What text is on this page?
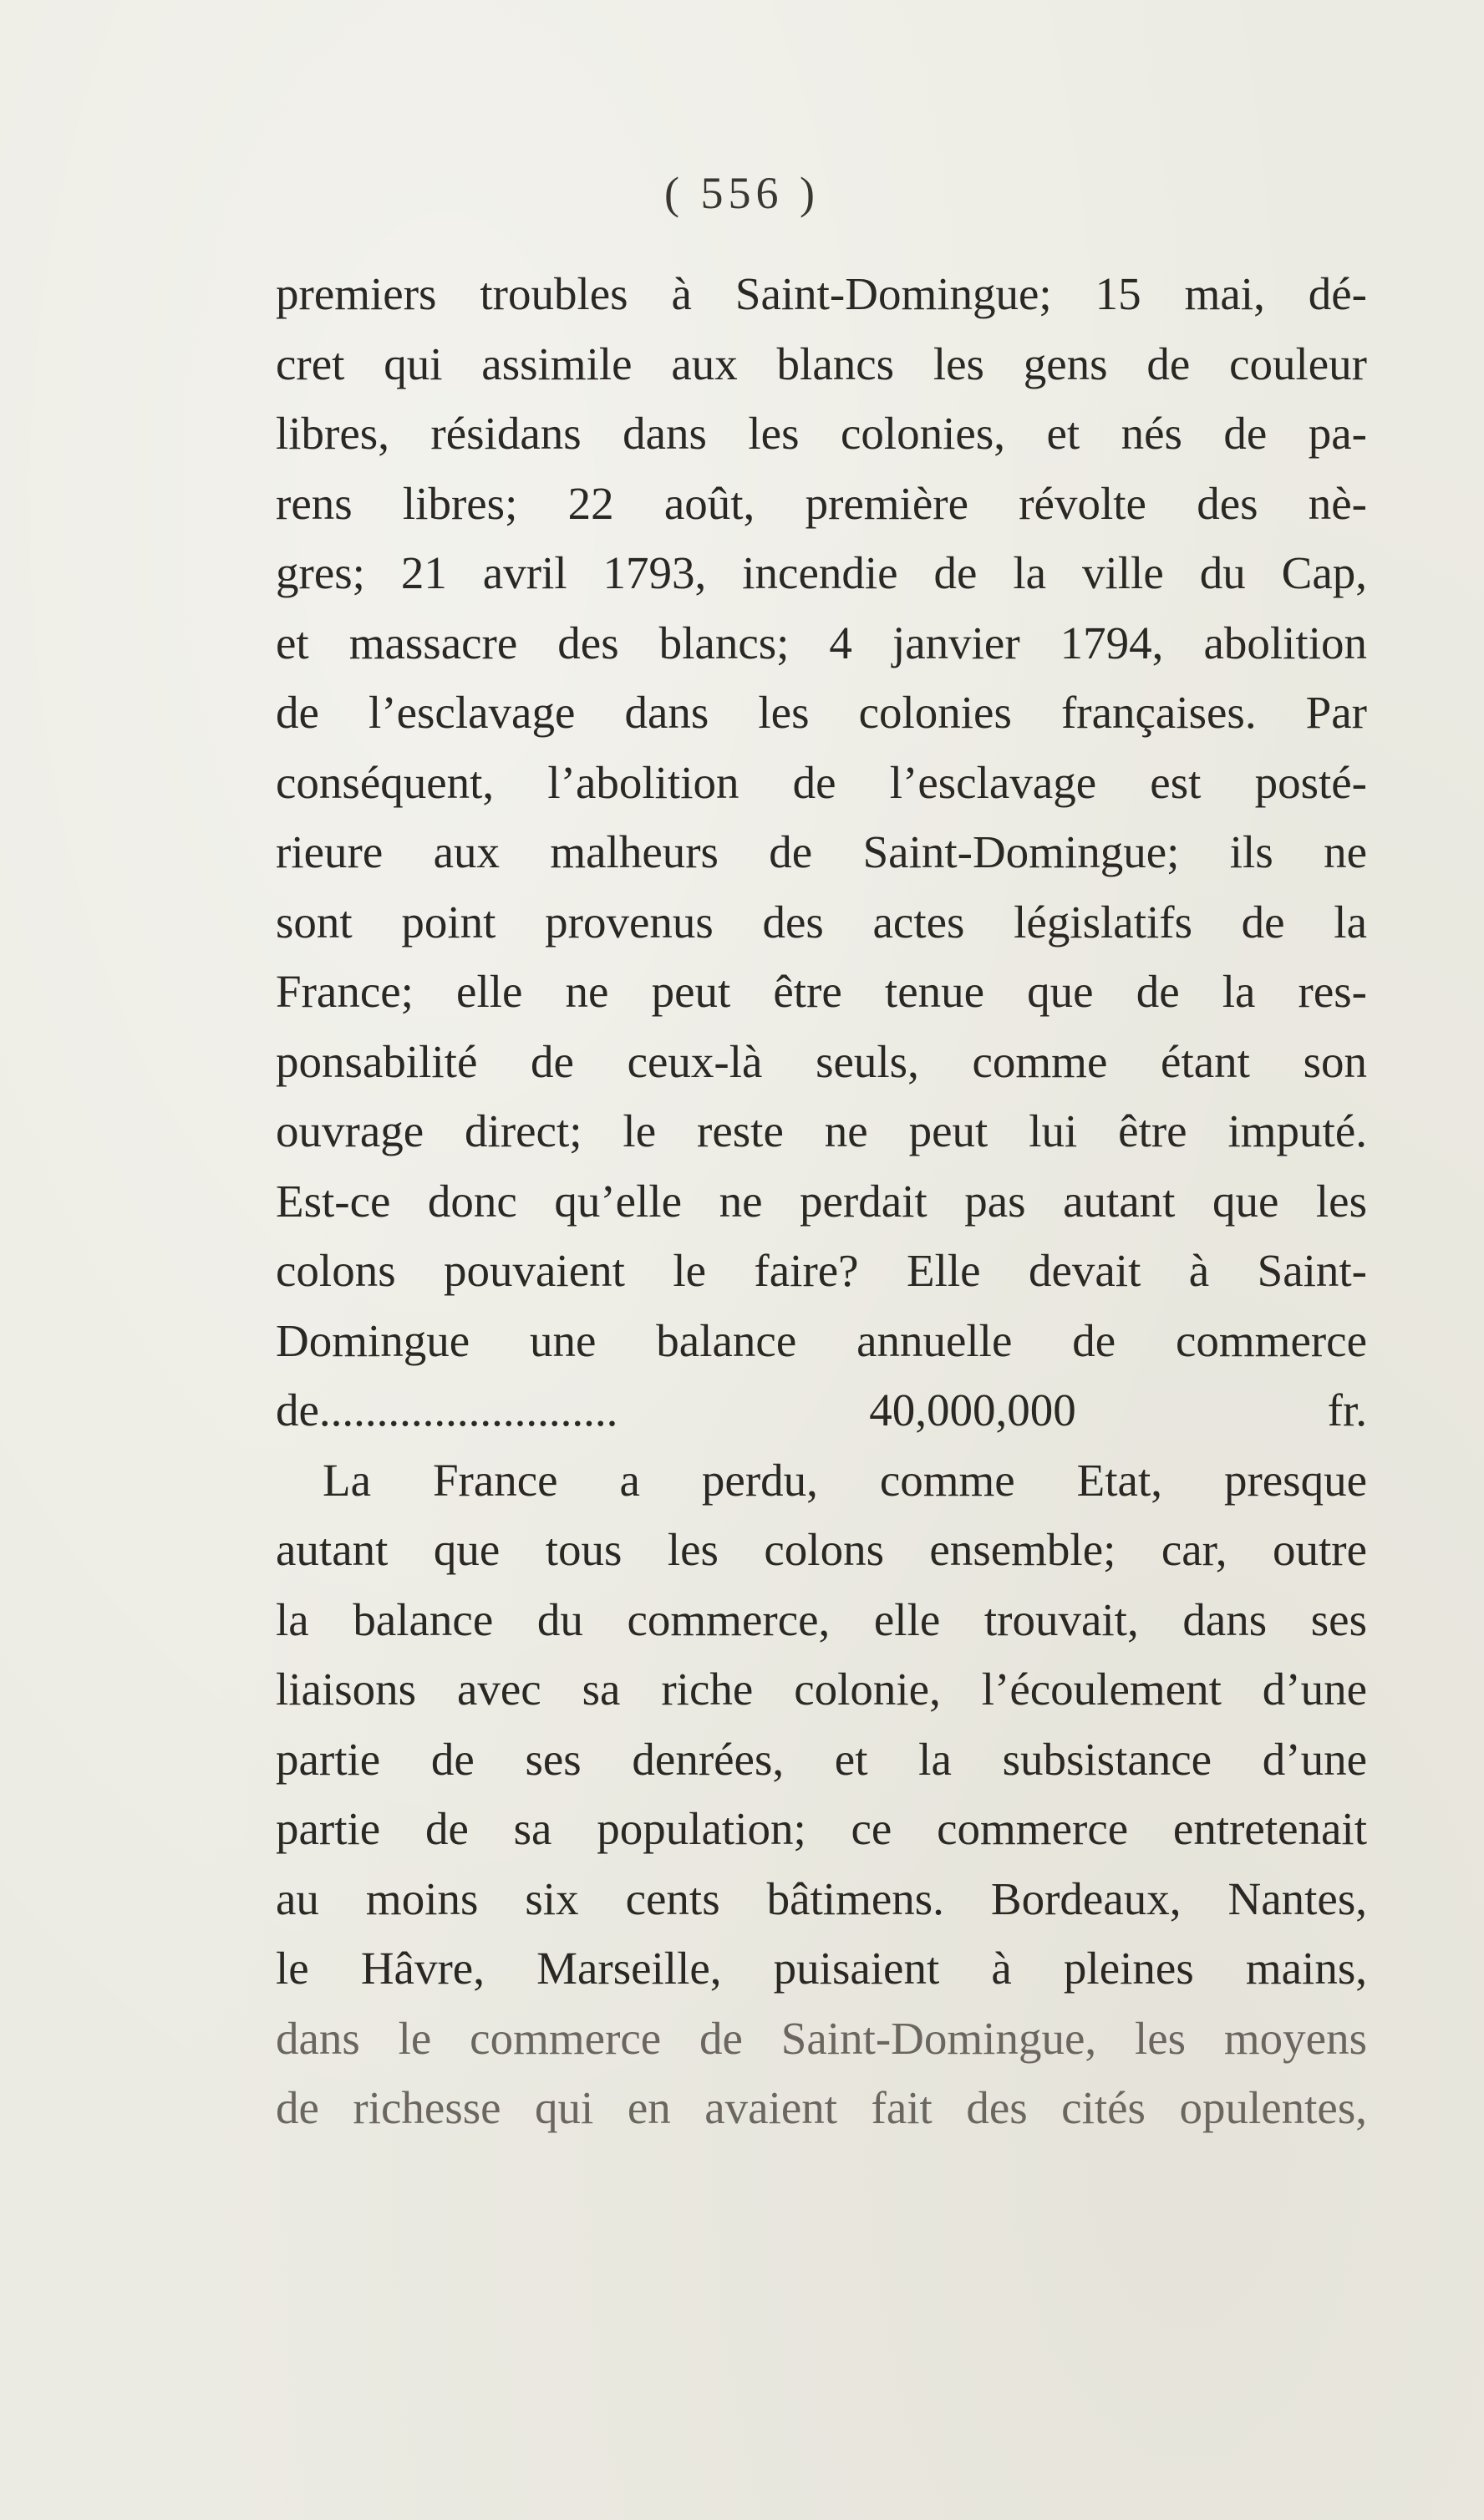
( 556 )
premiers troubles à Saint-Domingue; 15 mai, dé-
cret qui assimile aux blancs les gens de couleur
libres, résidans dans les colonies, et nés de pa-
rens libres; 22 août, première révolte des nè-
gres; 21 avril 1793, incendie de la ville du Cap,
et massacre des blancs; 4 janvier 1794, abolition
de l’esclavage dans les colonies françaises. Par
conséquent, l’abolition de l’esclavage est posté-
rieure aux malheurs de Saint-Domingue; ils ne
sont point provenus des actes législatifs de la
France; elle ne peut être tenue que de la res-
ponsabilité de ceux-là seuls, comme étant son
ouvrage direct; le reste ne peut lui être imputé.
Est-ce donc qu’elle ne perdait pas autant que les
colons pouvaient le faire? Elle devait à Saint-
Domingue une balance annuelle de commerce
de.......................... 40,000,000 fr.
La France a perdu, comme Etat, presque
autant que tous les colons ensemble; car, outre
la balance du commerce, elle trouvait, dans ses
liaisons avec sa riche colonie, l’écoulement d’une
partie de ses denrées, et la subsistance d’une
partie de sa population; ce commerce entretenait
au moins six cents bâtimens. Bordeaux, Nantes,
le Hâvre, Marseille, puisaient à pleines mains,
dans le commerce de Saint-Domingue, les moyens
de richesse qui en avaient fait des cités opulentes,
